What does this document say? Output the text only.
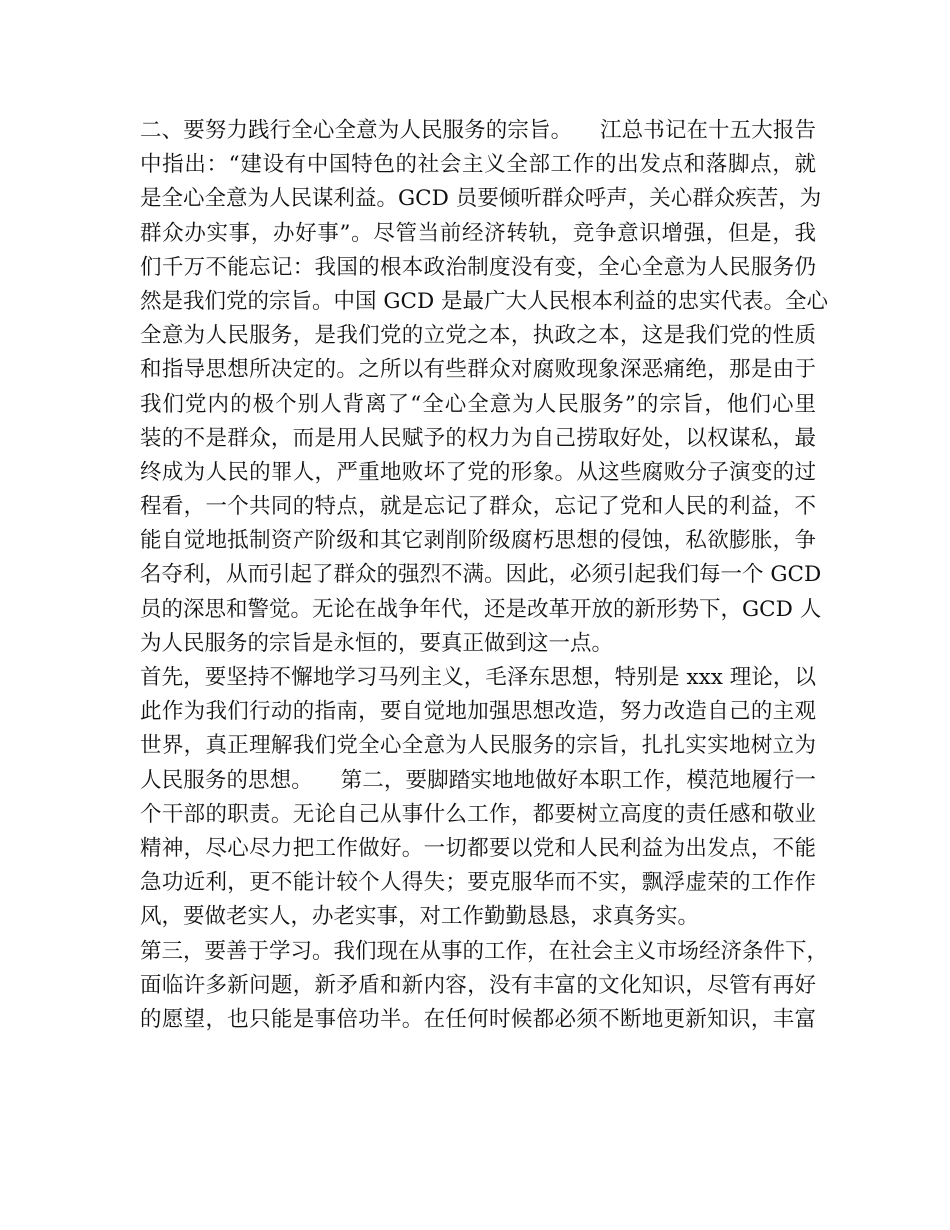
二、要努力践行全心全意为人民服务的宗旨。    江总书记在十五大报告
中指出：“建设有中国特色的社会主义全部工作的出发点和落脚点，就
是全心全意为人民谋利益。GCD 员要倾听群众呼声，关心群众疾苦，为
群众办实事，办好事”。尽管当前经济转轨，竞争意识增强，但是，我
们千万不能忘记：我国的根本政治制度没有变，全心全意为人民服务仍
然是我们党的宗旨。中国 GCD 是最广大人民根本利益的忠实代表。全心
全意为人民服务，是我们党的立党之本，执政之本，这是我们党的性质
和指导思想所决定的。之所以有些群众对腐败现象深恶痛绝，那是由于
我们党内的极个别人背离了“全心全意为人民服务”的宗旨，他们心里
装的不是群众，而是用人民赋予的权力为自己捞取好处，以权谋私，最
终成为人民的罪人，严重地败坏了党的形象。从这些腐败分子演变的过
程看，一个共同的特点，就是忘记了群众，忘记了党和人民的利益，不
能自觉地抵制资产阶级和其它剥削阶级腐朽思想的侵蚀，私欲膨胀，争
名夺利，从而引起了群众的强烈不满。因此，必须引起我们每一个 GCD
员的深思和警觉。无论在战争年代，还是改革开放的新形势下，GCD 人
为人民服务的宗旨是永恒的，要真正做到这一点。
首先，要坚持不懈地学习马列主义，毛泽东思想，特别是 xxx 理论，以
此作为我们行动的指南，要自觉地加强思想改造，努力改造自己的主观
世界，真正理解我们党全心全意为人民服务的宗旨，扎扎实实地树立为
人民服务的思想。    第二，要脚踏实地地做好本职工作，模范地履行一
个干部的职责。无论自己从事什么工作，都要树立高度的责任感和敬业
精神，尽心尽力把工作做好。一切都要以党和人民利益为出发点，不能
急功近利，更不能计较个人得失；要克服华而不实，飘浮虚荣的工作作
风，要做老实人，办老实事，对工作勤勤恳恳，求真务实。
第三，要善于学习。我们现在从事的工作，在社会主义市场经济条件下，
面临许多新问题，新矛盾和新内容，没有丰富的文化知识，尽管有再好
的愿望，也只能是事倍功半。在任何时候都必须不断地更新知识，丰富
